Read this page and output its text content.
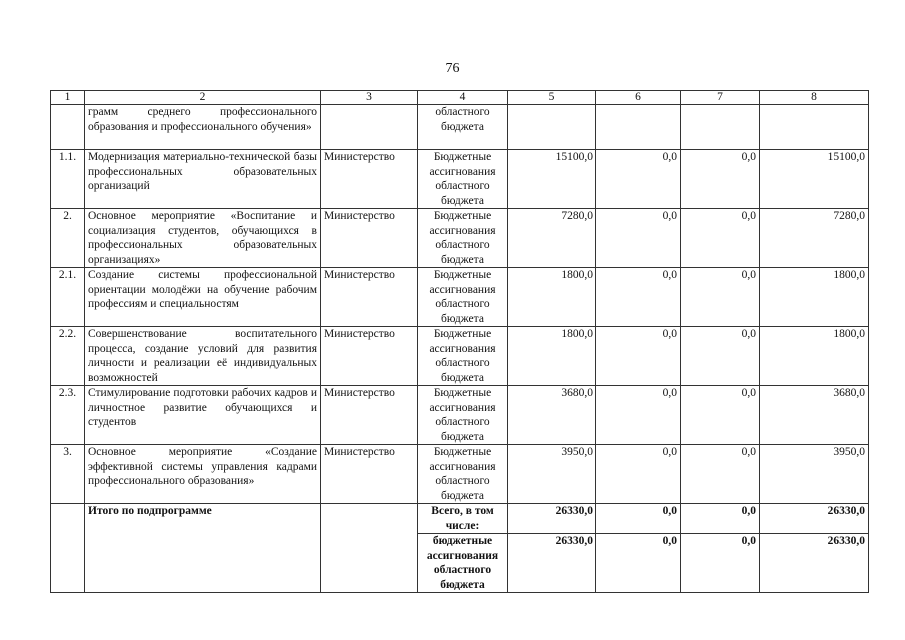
76
1	2	3	4	5	6	7	8
	грамм среднего профессионального образования и профессионального обучения»		областного бюджета				
1.1.	Модернизация материально-технической базы профессиональных образовательных организаций	Министерство	Бюджетные ассигнования областного бюджета	15100,0	0,0	0,0	15100,0
2.	Основное мероприятие «Воспитание и социализация студентов, обучающихся в профессиональных образовательных организациях»	Министерство	Бюджетные ассигнования областного бюджета	7280,0	0,0	0,0	7280,0
2.1.	Создание системы профессиональной ориентации молодёжи на обучение рабочим профессиям и специальностям	Министерство	Бюджетные ассигнования областного бюджета	1800,0	0,0	0,0	1800,0
2.2.	Совершенствование воспитательного процесса, создание условий для развития личности и реализации её индивидуальных возможностей	Министерство	Бюджетные ассигнования областного бюджета	1800,0	0,0	0,0	1800,0
2.3.	Стимулирование подготовки рабочих кадров и личностное развитие обучающихся и студентов	Министерство	Бюджетные ассигнования областного бюджета	3680,0	0,0	0,0	3680,0
3.	Основное мероприятие «Создание эффективной системы управления кадрами профессионального образования»	Министерство	Бюджетные ассигнования областного бюджета	3950,0	0,0	0,0	3950,0
	Итого по подпрограмме		Всего, в том числе:	26330,0	0,0	0,0	26330,0
			бюджетные ассигнования областного бюджета	26330,0	0,0	0,0	26330,0
